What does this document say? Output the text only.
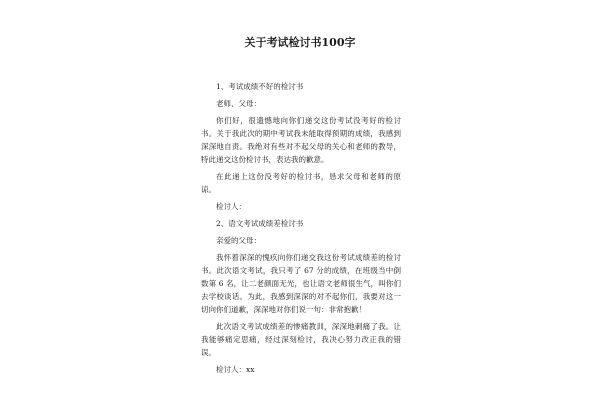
关于考试检讨书100字

1、考试成绩不好的检讨书

老师、父母：

你们好，很遗憾地向你们递交这份考试没考好的检讨书。关于我此次的期中考试我未能取得预期的成绩，我感到深深地自责。我绝对有些对不起父母的关心和老师的教导，特此递交这份检讨书，表达我的歉意。

在此递上这份没考好的检讨书，恳求父母和老师的原谅。

检讨人：

2、语文考试成绩差检讨书

亲爱的父母：

我怀着深深的愧疚向你们递交我这份考试成绩差的检讨书。此次语文考试，我只考了 67 分的成绩，在班级当中倒数第 6 名，让二老颜面无光，也让语文老师很生气，叫你们去学校谈话。为此，我感到深深的对不起你们，我要对这一切向你们道歉，深深地对你们说一句：非常抱歉！

此次语文考试成绩差的惨痛教训，深深地刺痛了我。让我能够痛定思痛，经过深刻检讨，我决心努力改正我的错误。

检讨人：xx
